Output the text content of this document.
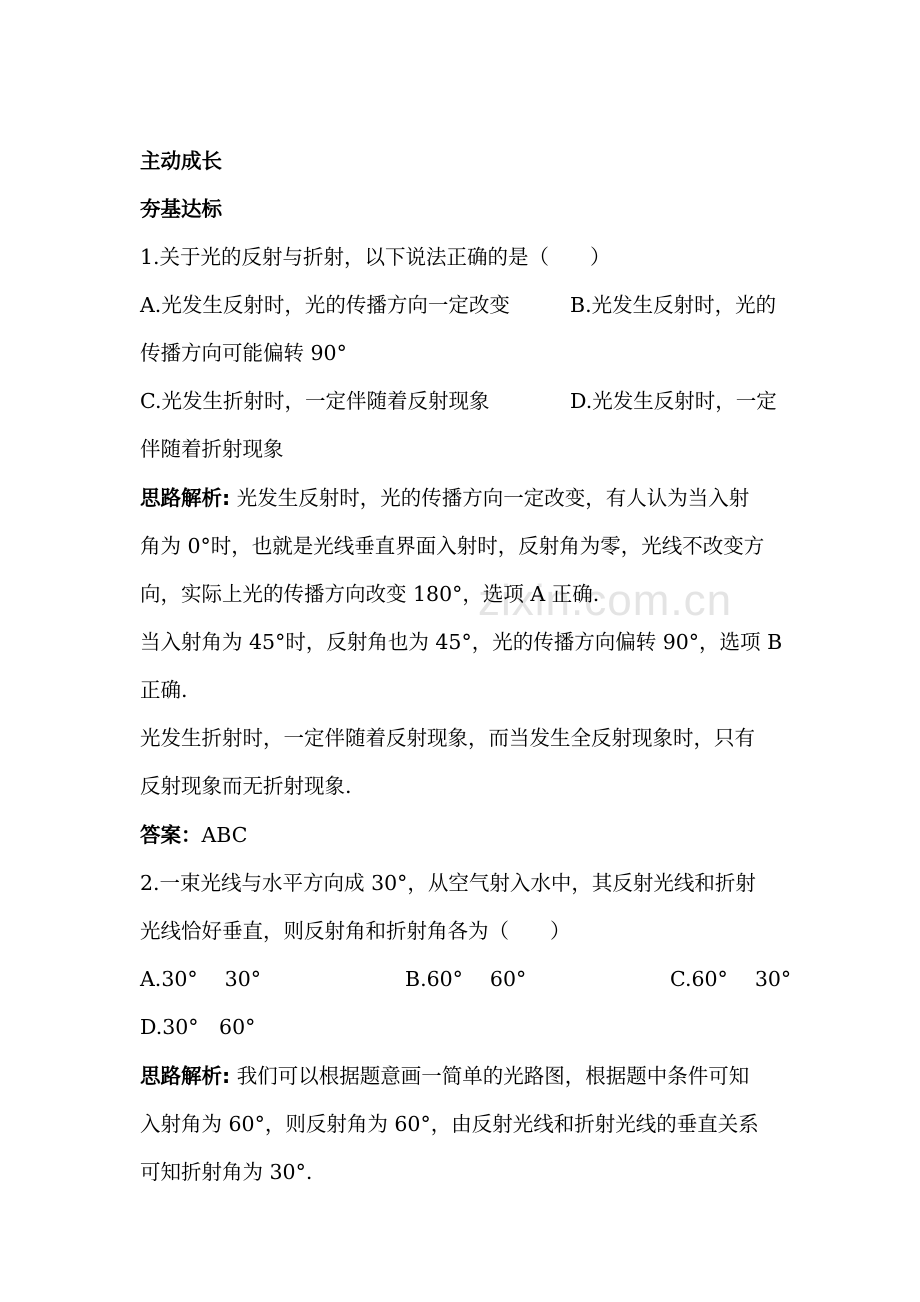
zixin.com.cn
主动成长
夯基达标
1.关于光的反射与折射，以下说法正确的是（　　）
A.光发生反射时，光的传播方向一定改变	B.光发生反射时，光的
传播方向可能偏转 90°
C.光发生折射时，一定伴随着反射现象	D.光发生反射时，一定
伴随着折射现象
思路解析: 光发生反射时，光的传播方向一定改变，有人认为当入射
角为 0°时，也就是光线垂直界面入射时，反射角为零，光线不改变方
向，实际上光的传播方向改变 180°，选项 A 正确.
当入射角为 45°时，反射角也为 45°，光的传播方向偏转 90°，选项 B
正确.
光发生折射时，一定伴随着反射现象，而当发生全反射现象时，只有
反射现象而无折射现象.
答案：ABC
2.一束光线与水平方向成 30°，从空气射入水中，其反射光线和折射
光线恰好垂直，则反射角和折射角各为（　　）
A.30°　 30°	B.60°　 60°	C.60°　 30°
D.30°　60°
思路解析: 我们可以根据题意画一简单的光路图，根据题中条件可知
入射角为 60°，则反射角为 60°，由反射光线和折射光线的垂直关系
可知折射角为 30°.
